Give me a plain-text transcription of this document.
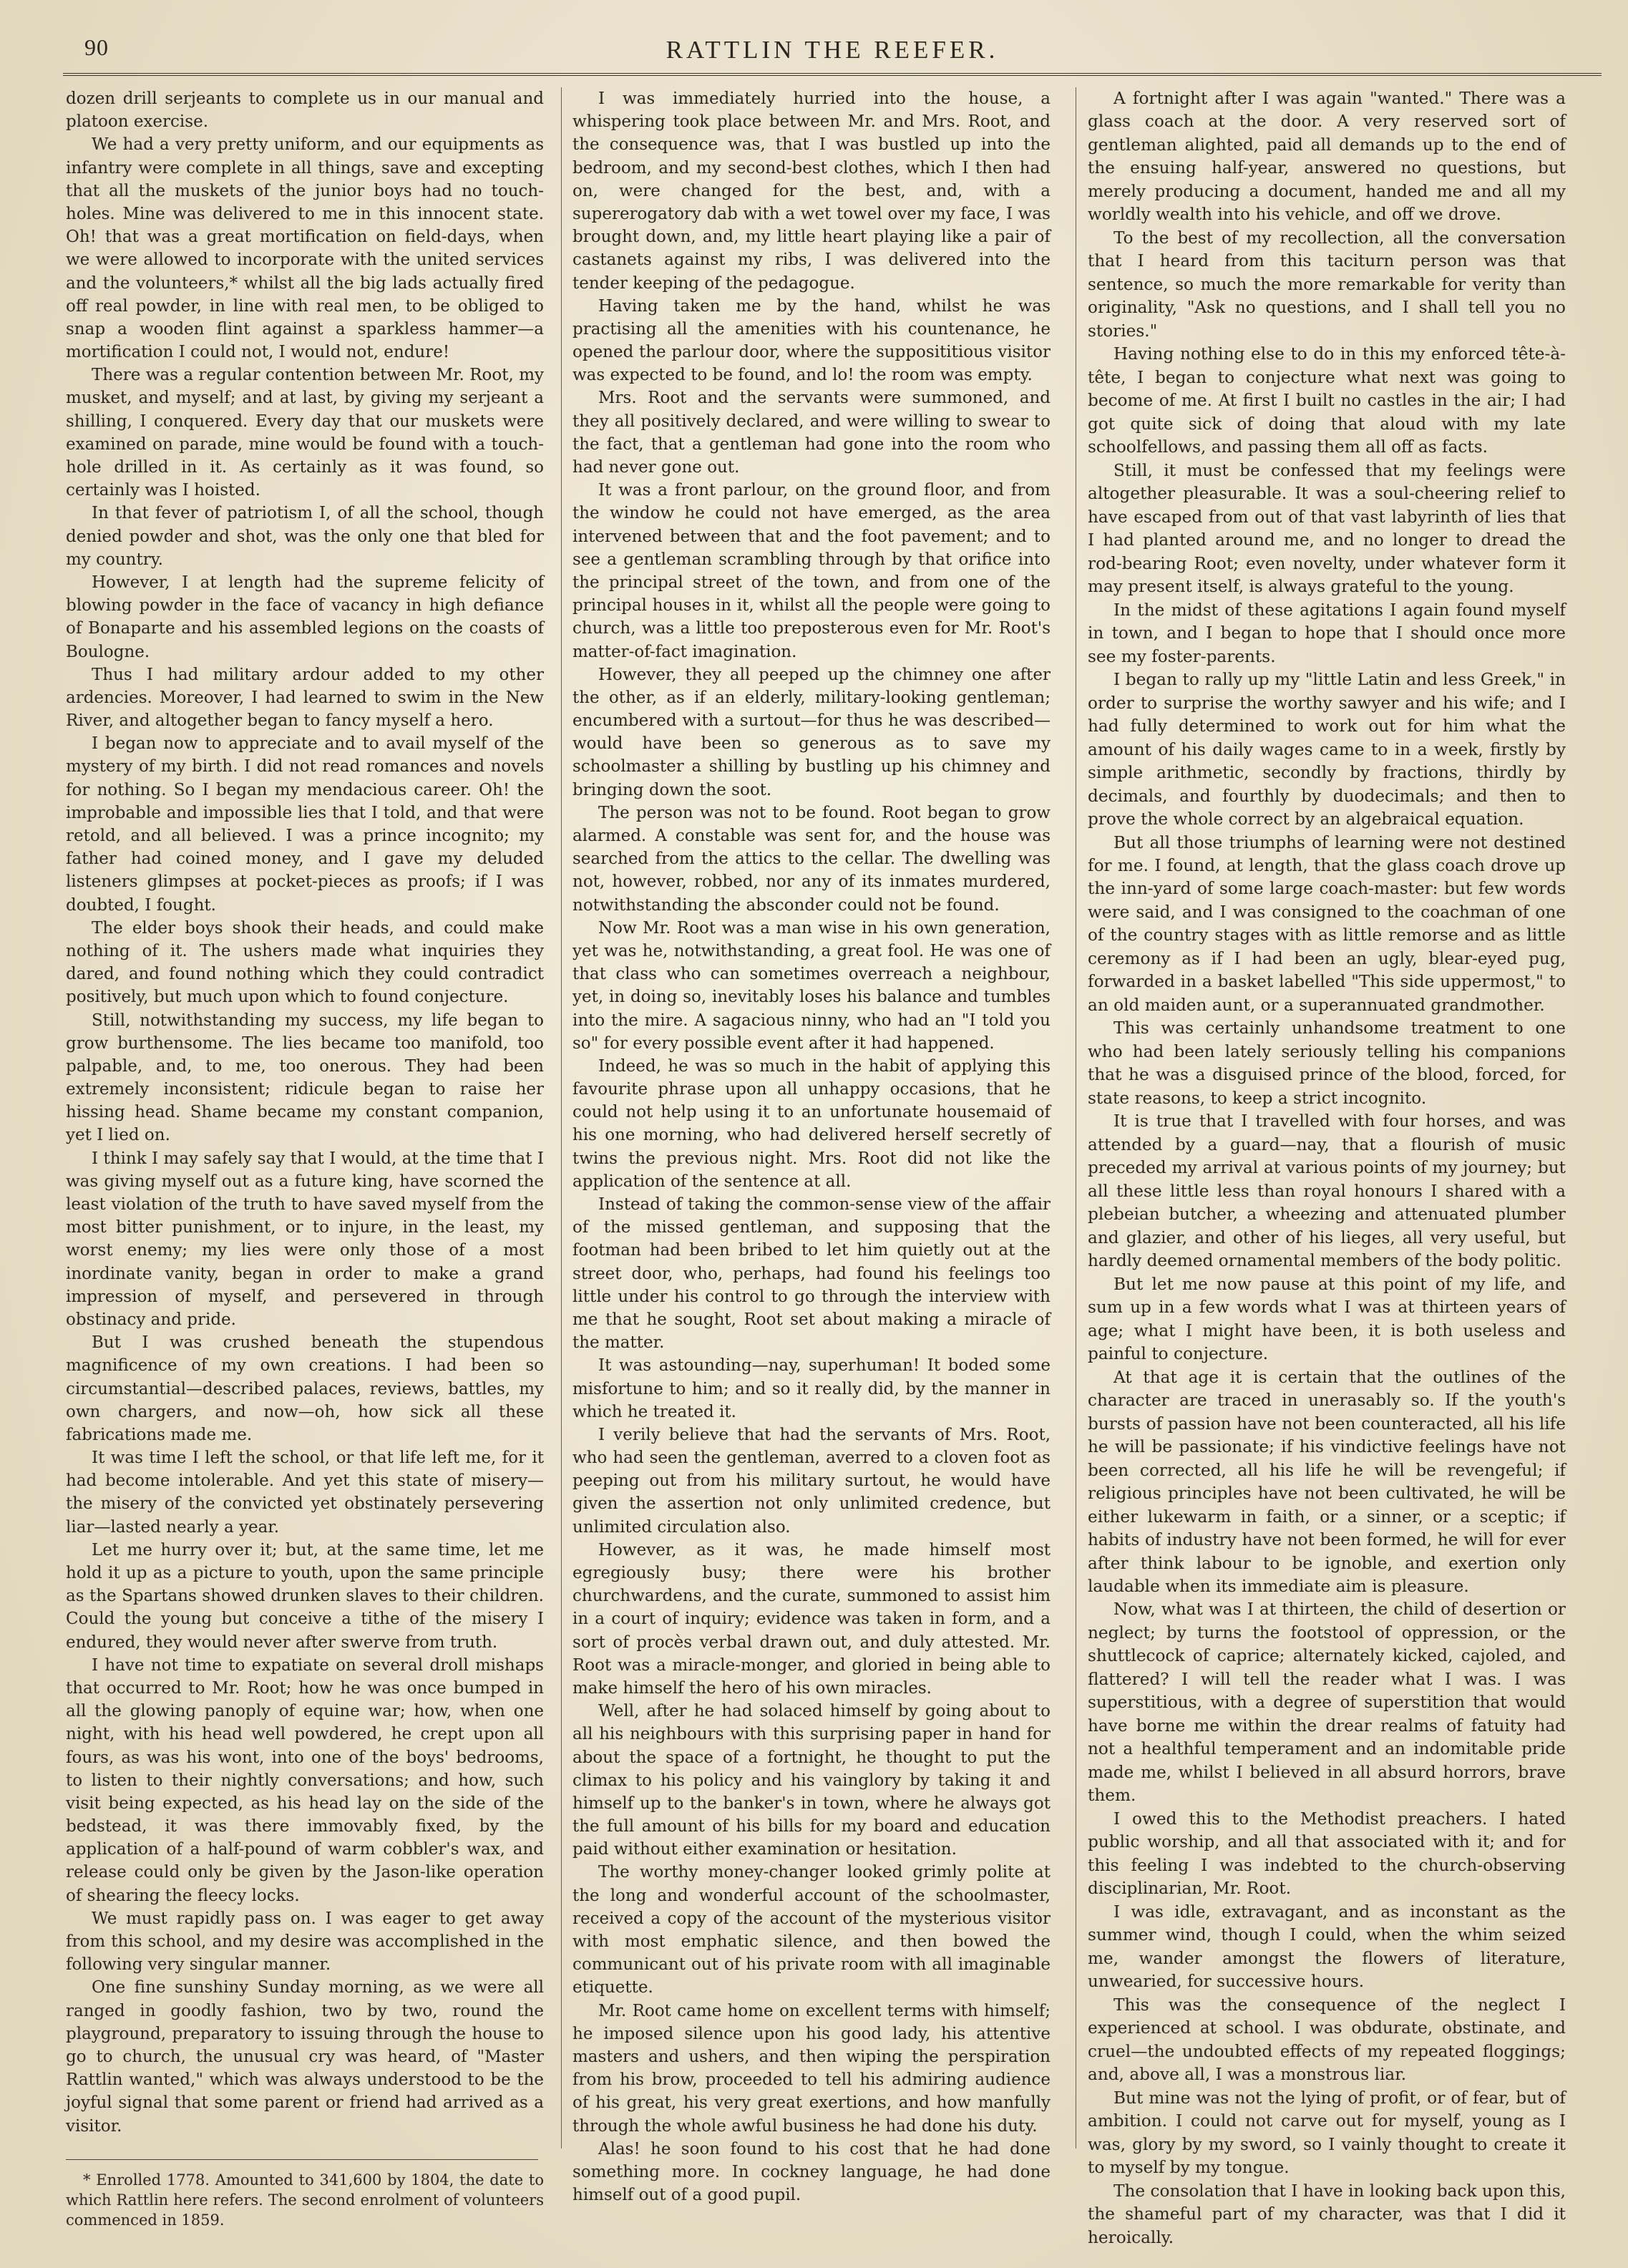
90	RATTLIN THE REEFER.

dozen drill serjeants to complete us in our manual and platoon exercise.

We had a very pretty uniform, and our equipments as infantry were complete in all things, save and excepting that all the muskets of the junior boys had no touch-holes. Mine was delivered to me in this innocent state. Oh! that was a great mortification on field-days, when we were allowed to incorporate with the united services and the volunteers,* whilst all the big lads actually fired off real powder, in line with real men, to be obliged to snap a wooden flint against a sparkless hammer—a mortification I could not, I would not, endure!

There was a regular contention between Mr. Root, my musket, and myself; and at last, by giving my serjeant a shilling, I conquered. Every day that our muskets were examined on parade, mine would be found with a touch-hole drilled in it. As certainly as it was found, so certainly was I hoisted.

In that fever of patriotism I, of all the school, though denied powder and shot, was the only one that bled for my country.

However, I at length had the supreme felicity of blowing powder in the face of vacancy in high defiance of Bonaparte and his assembled legions on the coasts of Boulogne.

Thus I had military ardour added to my other ardencies. Moreover, I had learned to swim in the New River, and altogether began to fancy myself a hero.

I began now to appreciate and to avail myself of the mystery of my birth. I did not read romances and novels for nothing. So I began my mendacious career. Oh! the improbable and impossible lies that I told, and that were retold, and all believed. I was a prince incognito; my father had coined money, and I gave my deluded listeners glimpses at pocket-pieces as proofs; if I was doubted, I fought.

The elder boys shook their heads, and could make nothing of it. The ushers made what inquiries they dared, and found nothing which they could contradict positively, but much upon which to found conjecture.

Still, notwithstanding my success, my life began to grow burthensome. The lies became too manifold, too palpable, and, to me, too onerous. They had been extremely inconsistent; ridicule began to raise her hissing head. Shame became my constant companion, yet I lied on.

I think I may safely say that I would, at the time that I was giving myself out as a future king, have scorned the least violation of the truth to have saved myself from the most bitter punishment, or to injure, in the least, my worst enemy; my lies were only those of a most inordinate vanity, began in order to make a grand impression of myself, and persevered in through obstinacy and pride.

But I was crushed beneath the stupendous magnificence of my own creations. I had been so circumstantial—described palaces, reviews, battles, my own chargers, and now—oh, how sick all these fabrications made me.

It was time I left the school, or that life left me, for it had become intolerable. And yet this state of misery—the misery of the convicted yet obstinately persevering liar—lasted nearly a year.

Let me hurry over it; but, at the same time, let me hold it up as a picture to youth, upon the same principle as the Spartans showed drunken slaves to their children. Could the young but conceive a tithe of the misery I endured, they would never after swerve from truth.

I have not time to expatiate on several droll mishaps that occurred to Mr. Root; how he was once bumped in all the glowing panoply of equine war; how, when one night, with his head well powdered, he crept upon all fours, as was his wont, into one of the boys' bedrooms, to listen to their nightly conversations; and how, such visit being expected, as his head lay on the side of the bedstead, it was there immovably fixed, by the application of a half-pound of warm cobbler's wax, and release could only be given by the Jason-like operation of shearing the fleecy locks.

We must rapidly pass on. I was eager to get away from this school, and my desire was accomplished in the following very singular manner.

One fine sunshiny Sunday morning, as we were all ranged in goodly fashion, two by two, round the playground, preparatory to issuing through the house to go to church, the unusual cry was heard, of "Master Rattlin wanted," which was always understood to be the joyful signal that some parent or friend had arrived as a visitor.

* Enrolled 1778. Amounted to 341,600 by 1804, the date to which Rattlin here refers. The second enrolment of volunteers commenced in 1859.

I was immediately hurried into the house, a whispering took place between Mr. and Mrs. Root, and the consequence was, that I was bustled up into the bedroom, and my second-best clothes, which I then had on, were changed for the best, and, with a supererogatory dab with a wet towel over my face, I was brought down, and, my little heart playing like a pair of castanets against my ribs, I was delivered into the tender keeping of the pedagogue.

Having taken me by the hand, whilst he was practising all the amenities with his countenance, he opened the parlour door, where the supposititious visitor was expected to be found, and lo! the room was empty.

Mrs. Root and the servants were summoned, and they all positively declared, and were willing to swear to the fact, that a gentleman had gone into the room who had never gone out.

It was a front parlour, on the ground floor, and from the window he could not have emerged, as the area intervened between that and the foot pavement; and to see a gentleman scrambling through by that orifice into the principal street of the town, and from one of the principal houses in it, whilst all the people were going to church, was a little too preposterous even for Mr. Root's matter-of-fact imagination.

However, they all peeped up the chimney one after the other, as if an elderly, military-looking gentleman; encumbered with a surtout—for thus he was described—would have been so generous as to save my schoolmaster a shilling by bustling up his chimney and bringing down the soot.

The person was not to be found. Root began to grow alarmed. A constable was sent for, and the house was searched from the attics to the cellar. The dwelling was not, however, robbed, nor any of its inmates murdered, notwithstanding the absconder could not be found.

Now Mr. Root was a man wise in his own generation, yet was he, notwithstanding, a great fool. He was one of that class who can sometimes overreach a neighbour, yet, in doing so, inevitably loses his balance and tumbles into the mire. A sagacious ninny, who had an "I told you so" for every possible event after it had happened.

Indeed, he was so much in the habit of applying this favourite phrase upon all unhappy occasions, that he could not help using it to an unfortunate housemaid of his one morning, who had delivered herself secretly of twins the previous night. Mrs. Root did not like the application of the sentence at all.

Instead of taking the common-sense view of the affair of the missed gentleman, and supposing that the footman had been bribed to let him quietly out at the street door, who, perhaps, had found his feelings too little under his control to go through the interview with me that he sought, Root set about making a miracle of the matter.

It was astounding—nay, superhuman! It boded some misfortune to him; and so it really did, by the manner in which he treated it.

I verily believe that had the servants of Mrs. Root, who had seen the gentleman, averred to a cloven foot as peeping out from his military surtout, he would have given the assertion not only unlimited credence, but unlimited circulation also.

However, as it was, he made himself most egregiously busy; there were his brother churchwardens, and the curate, summoned to assist him in a court of inquiry; evidence was taken in form, and a sort of procès verbal drawn out, and duly attested. Mr. Root was a miracle-monger, and gloried in being able to make himself the hero of his own miracles.

Well, after he had solaced himself by going about to all his neighbours with this surprising paper in hand for about the space of a fortnight, he thought to put the climax to his policy and his vainglory by taking it and himself up to the banker's in town, where he always got the full amount of his bills for my board and education paid without either examination or hesitation.

The worthy money-changer looked grimly polite at the long and wonderful account of the schoolmaster, received a copy of the account of the mysterious visitor with most emphatic silence, and then bowed the communicant out of his private room with all imaginable etiquette.

Mr. Root came home on excellent terms with himself; he imposed silence upon his good lady, his attentive masters and ushers, and then wiping the perspiration from his brow, proceeded to tell his admiring audience of his great, his very great exertions, and how manfully through the whole awful business he had done his duty.

Alas! he soon found to his cost that he had done something more. In cockney language, he had done himself out of a good pupil.

A fortnight after I was again "wanted." There was a glass coach at the door. A very reserved sort of gentleman alighted, paid all demands up to the end of the ensuing half-year, answered no questions, but merely producing a document, handed me and all my worldly wealth into his vehicle, and off we drove.

To the best of my recollection, all the conversation that I heard from this taciturn person was that sentence, so much the more remarkable for verity than originality, "Ask no questions, and I shall tell you no stories."

Having nothing else to do in this my enforced tête-à-tête, I began to conjecture what next was going to become of me. At first I built no castles in the air; I had got quite sick of doing that aloud with my late schoolfellows, and passing them all off as facts.

Still, it must be confessed that my feelings were altogether pleasurable. It was a soul-cheering relief to have escaped from out of that vast labyrinth of lies that I had planted around me, and no longer to dread the rod-bearing Root; even novelty, under whatever form it may present itself, is always grateful to the young.

In the midst of these agitations I again found myself in town, and I began to hope that I should once more see my foster-parents.

I began to rally up my "little Latin and less Greek," in order to surprise the worthy sawyer and his wife; and I had fully determined to work out for him what the amount of his daily wages came to in a week, firstly by simple arithmetic, secondly by fractions, thirdly by decimals, and fourthly by duodecimals; and then to prove the whole correct by an algebraical equation.

But all those triumphs of learning were not destined for me. I found, at length, that the glass coach drove up the inn-yard of some large coach-master: but few words were said, and I was consigned to the coachman of one of the country stages with as little remorse and as little ceremony as if I had been an ugly, blear-eyed pug, forwarded in a basket labelled "This side uppermost," to an old maiden aunt, or a superannuated grandmother.

This was certainly unhandsome treatment to one who had been lately seriously telling his companions that he was a disguised prince of the blood, forced, for state reasons, to keep a strict incognito.

It is true that I travelled with four horses, and was attended by a guard—nay, that a flourish of music preceded my arrival at various points of my journey; but all these little less than royal honours I shared with a plebeian butcher, a wheezing and attenuated plumber and glazier, and other of his lieges, all very useful, but hardly deemed ornamental members of the body politic.

But let me now pause at this point of my life, and sum up in a few words what I was at thirteen years of age; what I might have been, it is both useless and painful to conjecture.

At that age it is certain that the outlines of the character are traced in unerasably so. If the youth's bursts of passion have not been counteracted, all his life he will be passionate; if his vindictive feelings have not been corrected, all his life he will be revengeful; if religious principles have not been cultivated, he will be either lukewarm in faith, or a sinner, or a sceptic; if habits of industry have not been formed, he will for ever after think labour to be ignoble, and exertion only laudable when its immediate aim is pleasure.

Now, what was I at thirteen, the child of desertion or neglect; by turns the footstool of oppression, or the shuttlecock of caprice; alternately kicked, cajoled, and flattered? I will tell the reader what I was. I was superstitious, with a degree of superstition that would have borne me within the drear realms of fatuity had not a healthful temperament and an indomitable pride made me, whilst I believed in all absurd horrors, brave them.

I owed this to the Methodist preachers. I hated public worship, and all that associated with it; and for this feeling I was indebted to the church-observing disciplinarian, Mr. Root.

I was idle, extravagant, and as inconstant as the summer wind, though I could, when the whim seized me, wander amongst the flowers of literature, unwearied, for successive hours.

This was the consequence of the neglect I experienced at school. I was obdurate, obstinate, and cruel—the undoubted effects of my repeated floggings; and, above all, I was a monstrous liar.

But mine was not the lying of profit, or of fear, but of ambition. I could not carve out for myself, young as I was, glory by my sword, so I vainly thought to create it to myself by my tongue.

The consolation that I have in looking back upon this, the shameful part of my character, was that I did it heroically.
